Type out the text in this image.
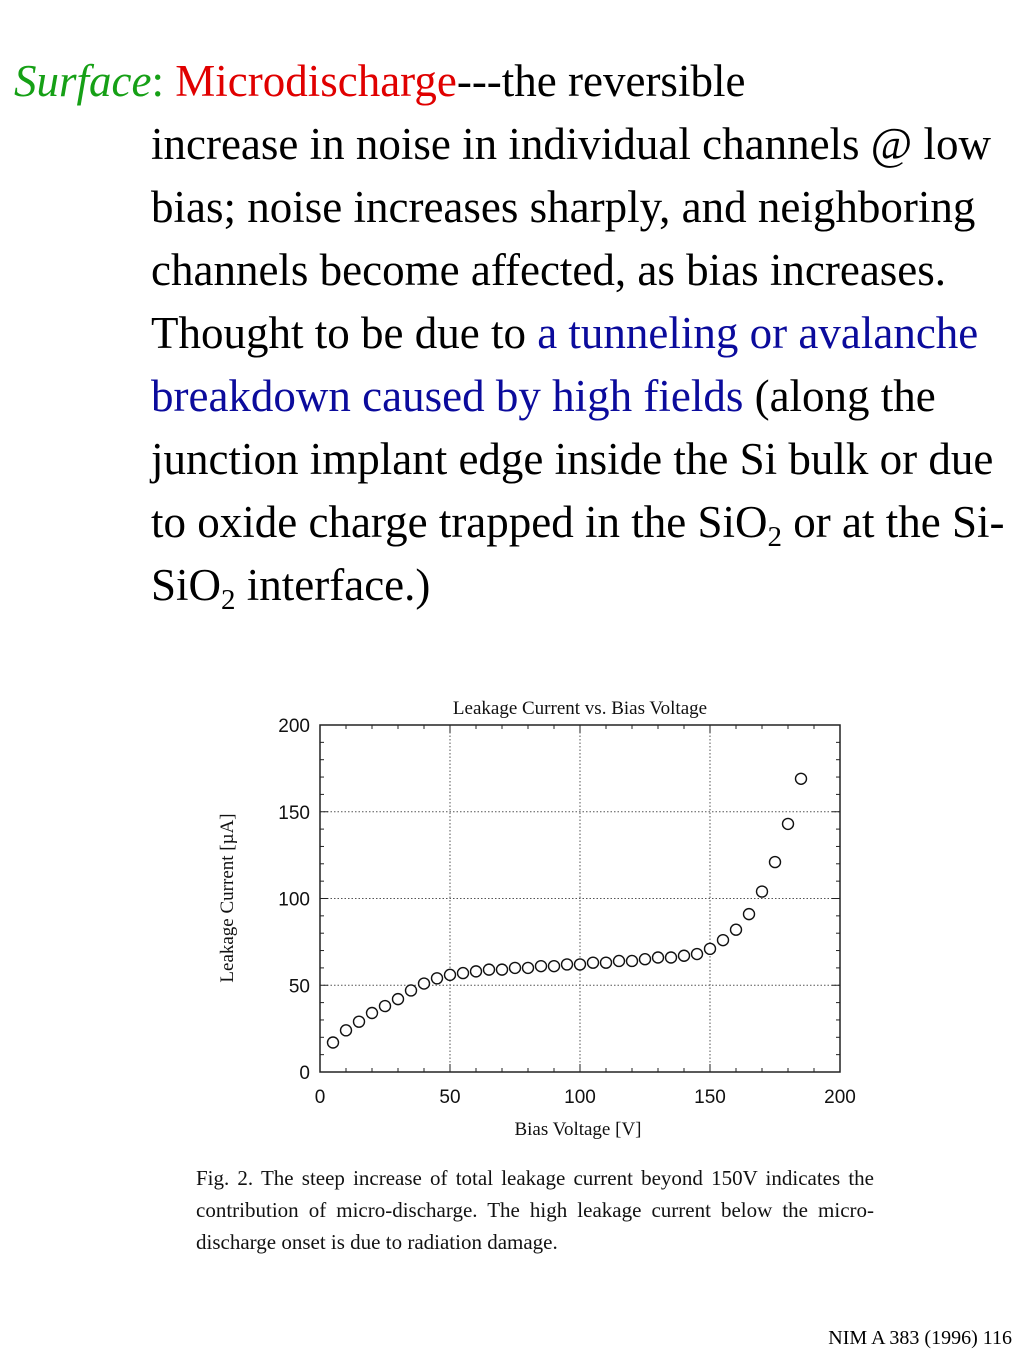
Surface: Microdischarge---the reversible
increase in noise in individual channels @ low bias; noise increases sharply, and neighboring channels become affected, as bias increases. Thought to be due to a tunneling or avalanche breakdown caused by high fields (along the junction implant edge inside the Si bulk or due to oxide charge trapped in the SiO$_2$ or at the Si-SiO$_2$ interface.)
Leakage Current vs. Bias Voltage
0	50	100	150	200
0
50
100
150
200
Bias Voltage [V]
Leakage Current [µA]
Fig. 2. The steep increase of total leakage current beyond 150V indicates the contribution of micro-discharge. The high leakage current below the micro-discharge onset is due to radiation damage.
NIM A 383 (1996) 116
